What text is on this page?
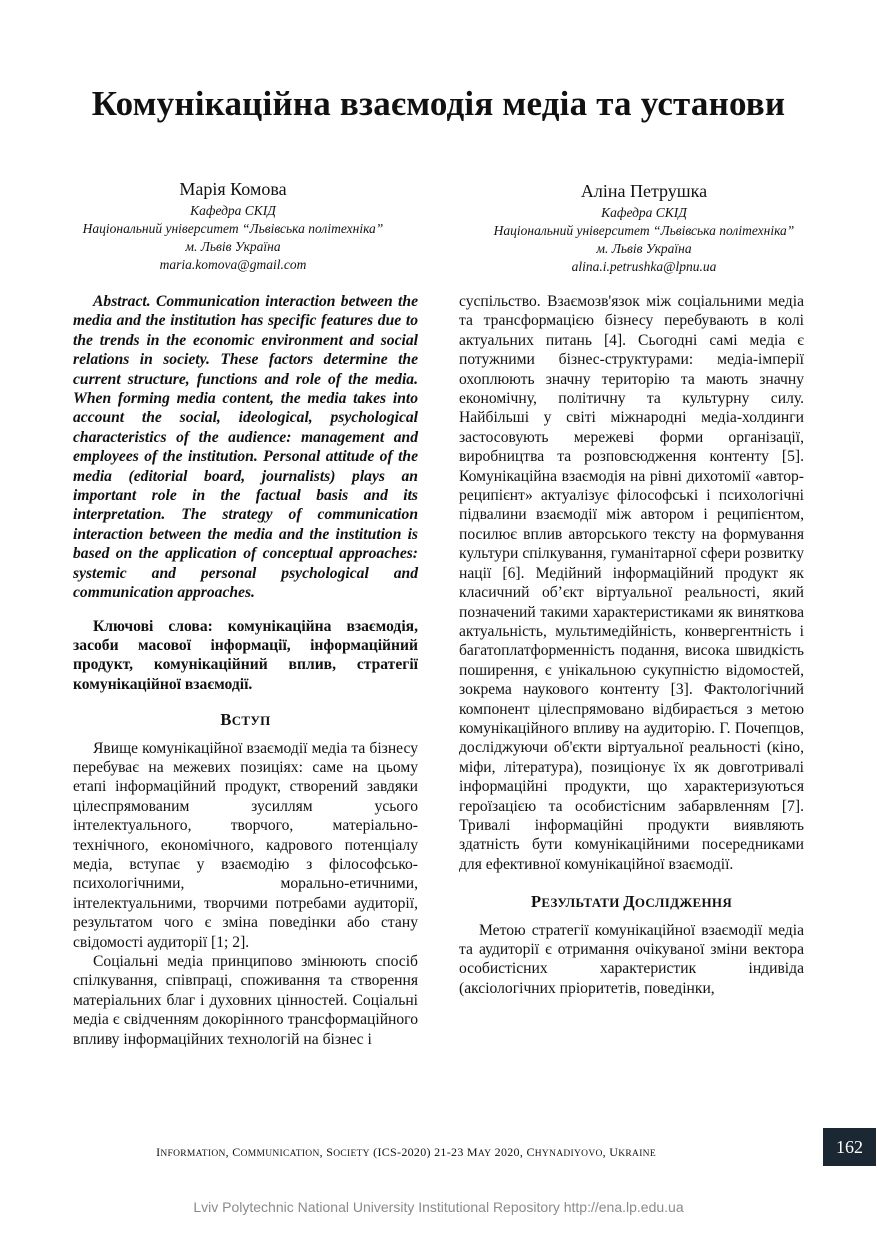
Комунікаційна взаємодія медіа та установи
Марія Комова
Кафедра СКІД
Національний університет “Львівська політехніка”
м. Львів Україна
maria.komova@gmail.com
Аліна Петрушка
Кафедра СКІД
Національний університет “Львівська політехніка”
м. Львів Україна
alina.i.petrushka@lpnu.ua

Abstract. Communication interaction between the media and the institution has specific features due to the trends in the economic environment and social relations in society. These factors determine the current structure, functions and role of the media. When forming media content, the media takes into account the social, ideological, psychological characteristics of the audience: management and employees of the institution. Personal attitude of the media (editorial board, journalists) plays an important role in the factual basis and its interpretation. The strategy of communication interaction between the media and the institution is based on the application of conceptual approaches: systemic and personal psychological and communication approaches.

Ключові слова: комунікаційна взаємодія, засоби масової інформації, інформаційний продукт, комунікаційний вплив, стратегії комунікаційної взаємодії.

ВСТУП

Явище комунікаційної взаємодії медіа та бізнесу перебуває на межевих позиціях: саме на цьому етапі інформаційний продукт, створений завдяки цілеспрямованим зусиллям усього інтелектуального, творчого, матеріально-технічного, економічного, кадрового потенціалу медіа, вступає у взаємодію з філософсько-психологічними, морально-етичними, інтелектуальними, творчими потребами аудиторії, результатом чого є зміна поведінки або стану свідомості аудиторії [1; 2].

Соціальні медіа принципово змінюють спосіб спілкування, співпраці, споживання та створення матеріальних благ і духовних цінностей. Соціальні медіа є свідченням докорінного трансформаційного впливу інформаційних технологій на бізнес і

суспільство. Взаємозв'язок між соціальними медіа та трансформацією бізнесу перебувають в колі актуальних питань [4]. Сьогодні самі медіа є потужними бізнес-структурами: медіа-імперії охоплюють значну територію та мають значну економічну, політичну та культурну силу. Найбільші у світі міжнародні медіа-холдинги застосовують мережеві форми організації, виробництва та розповсюдження контенту [5]. Комунікаційна взаємодія на рівні дихотомії «автор-реципієнт» актуалізує філософські і психологічні підвалини взаємодії між автором і реципієнтом, посилює вплив авторського тексту на формування культури спілкування, гуманітарної сфери розвитку нації [6]. Медійний інформаційний продукт як класичний об’єкт віртуальної реальності, який позначений такими характеристиками як виняткова актуальність, мультимедійність, конвергентність і багатоплатформенність подання, висока швидкість поширення, є унікальною сукупністю відомостей, зокрема наукового контенту [3]. Фактологічний компонент цілеспрямовано відбирається з метою комунікаційного впливу на аудиторію. Г. Почепцов, досліджуючи об'єкти віртуальної реальності (кіно, міфи, література), позиціонує їх як довготривалі інформаційні продукти, що характеризуються героїзацією та особистісним забарвленням [7]. Тривалі інформаційні продукти виявляють здатність бути комунікаційними посередниками для ефективної комунікаційної взаємодії.

РЕЗУЛЬТАТИ ДОСЛІДЖЕННЯ

Метою стратегії комунікаційної взаємодії медіа та аудиторії є отримання очікуваної зміни вектора особистісних характеристик індивіда (аксіологічних пріоритетів, поведінки,

INFORMATION, COMMUNICATION, SOCIETY (ICS-2020) 21-23 MAY 2020, CHYNADIYOVO, UKRAINE	162
Lviv Polytechnic National University Institutional Repository http://ena.lp.edu.ua
